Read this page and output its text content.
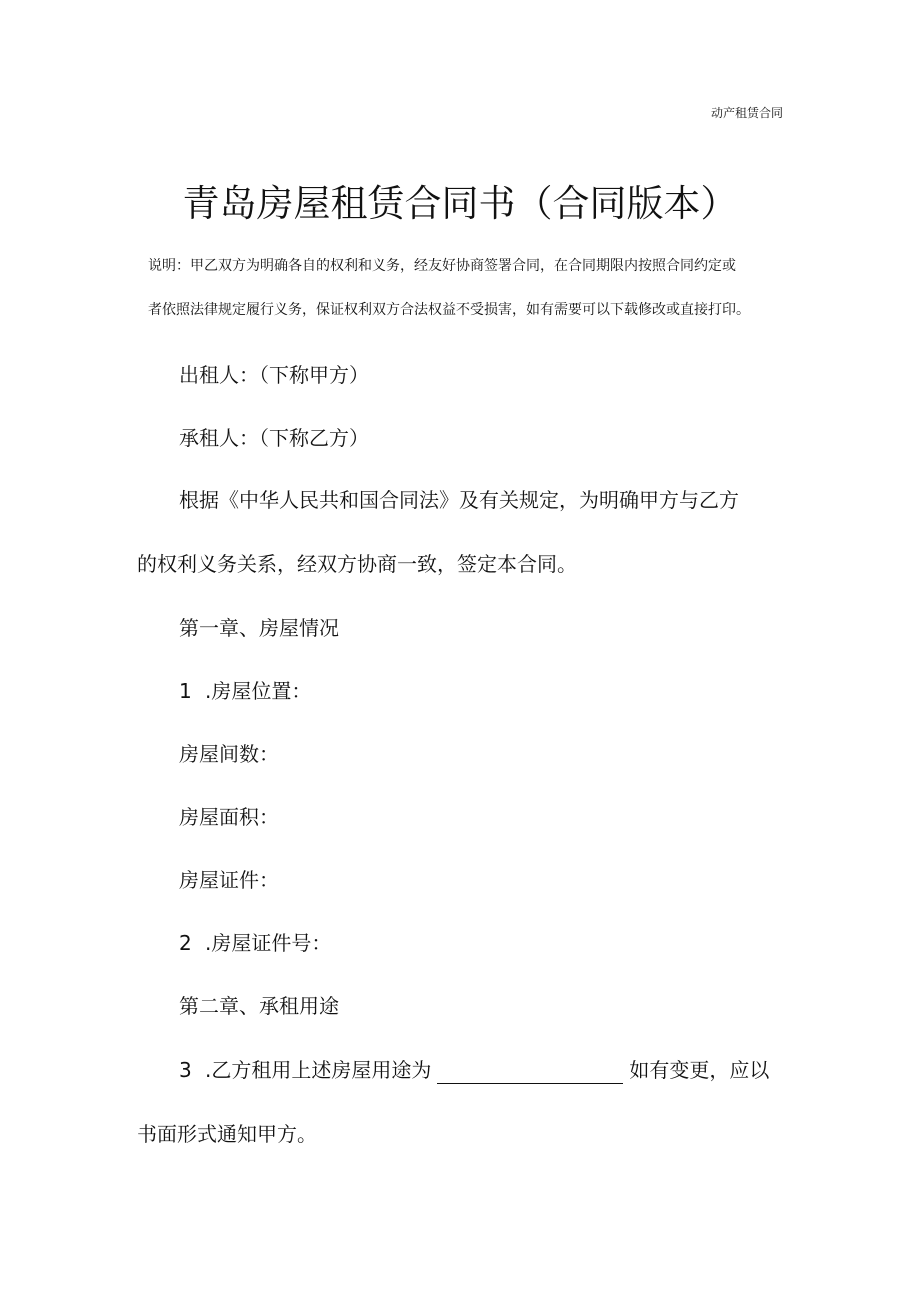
动产租赁合同
青岛房屋租赁合同书（合同版本）
说明：甲乙双方为明确各自的权利和义务，经友好协商签署合同，在合同期限内按照合同约定或
者依照法律规定履行义务，保证权利双方合法权益不受损害，如有需要可以下载修改或直接打印。
出租人：（下称甲方）
承租人：（下称乙方）
根据《中华人民共和国合同法》及有关规定，为明确甲方与乙方
的权利义务关系，经双方协商一致，签定本合同。
第一章、房屋情况
1 .房屋位置：
房屋间数：
房屋面积：
房屋证件：
2 .房屋证件号：
第二章、承租用途
3 .乙方租用上述房屋用途为	如有变更，应以
书面形式通知甲方。
